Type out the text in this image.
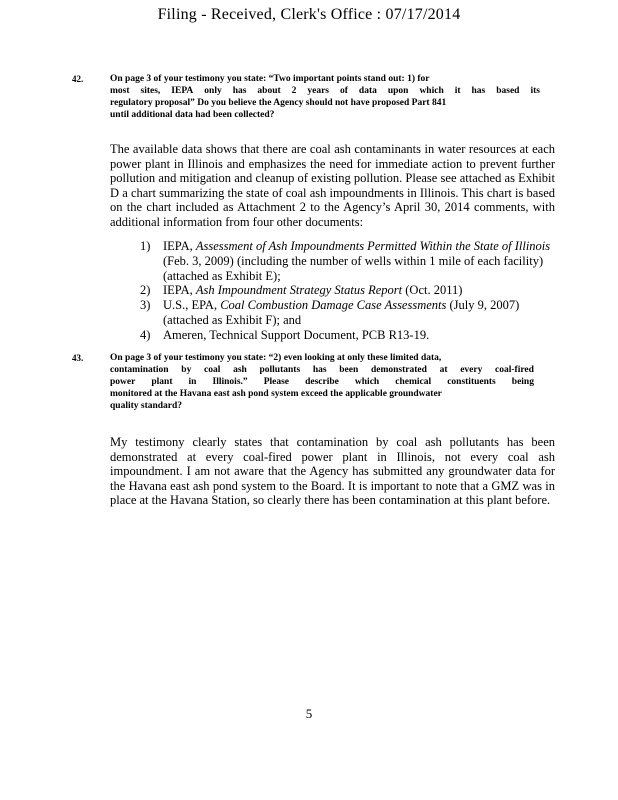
Filing - Received, Clerk's Office : 07/17/2014
42.	On page 3 of your testimony you state: “Two important points stand out: 1) for
most sites, IEPA only has about 2 years of data upon which it has based its
regulatory proposal” Do you believe the Agency should not have proposed Part 841
until additional data had been collected?
The available data shows that there are coal ash contaminants in water resources at each power plant in Illinois and emphasizes the need for immediate action to prevent further pollution and mitigation and cleanup of existing pollution. Please see attached as Exhibit D a chart summarizing the state of coal ash impoundments in Illinois. This chart is based on the chart included as Attachment 2 to the Agency’s April 30, 2014 comments, with additional information from four other documents:
1)	IEPA, Assessment of Ash Impoundments Permitted Within the State of Illinois (Feb. 3, 2009) (including the number of wells within 1 mile of each facility) (attached as Exhibit E);
2)	IEPA, Ash Impoundment Strategy Status Report (Oct. 2011)
3)	U.S., EPA, Coal Combustion Damage Case Assessments (July 9, 2007) (attached as Exhibit F); and
4)	Ameren, Technical Support Document, PCB R13-19.
43.	On page 3 of your testimony you state: “2) even looking at only these limited data,
contamination by coal ash pollutants has been demonstrated at every coal-fired
power plant in Illinois.” Please describe which chemical constituents being
monitored at the Havana east ash pond system exceed the applicable groundwater
quality standard?
My testimony clearly states that contamination by coal ash pollutants has been demonstrated at every coal-fired power plant in Illinois, not every coal ash impoundment. I am not aware that the Agency has submitted any groundwater data for the Havana east ash pond system to the Board. It is important to note that a GMZ was in place at the Havana Station, so clearly there has been contamination at this plant before.
5
